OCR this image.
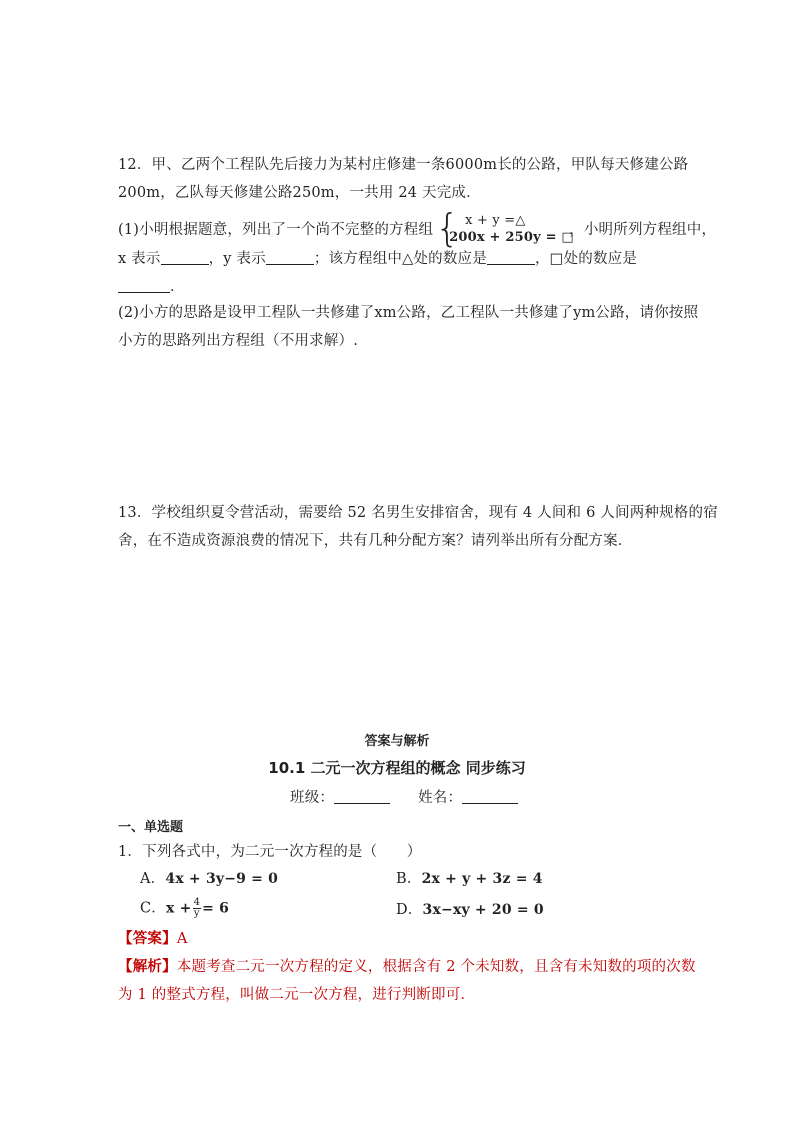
12．甲、乙两个工程队先后接力为某村庄修建一条6000m长的公路，甲队每天修建公路
200m，乙队每天修建公路250m，一共用 24 天完成．
(1)小明根据题意，列出了一个尚不完整的方程组 { x + y =△
200x + 250y = □
，小明所列方程组中，
x 表示	，y 表示	；该方程组中△处的数应是	，□处的数应是
．
(2)小方的思路是设甲工程队一共修建了xm公路，乙工程队一共修建了ym公路，请你按照
小方的思路列出方程组（不用求解）.
13．学校组织夏令营活动，需要给 52 名男生安排宿舍，现有 4 人间和 6 人间两种规格的宿
舍，在不造成资源浪费的情况下，共有几种分配方案？请列举出所有分配方案．
答案与解析
10.1 二元一次方程组的概念 同步练习
班级：	姓名：
一、单选题
1．下列各式中，为二元一次方程的是（　　）
A．4x + 3y−9 = 0	B．2x + y + 3z = 4
C．$x + \frac{4}{y} = 6$	D．3x−xy + 20 = 0
【答案】A
【解析】本题考查二元一次方程的定义，根据含有 2 个未知数，且含有未知数的项的次数
为 1 的整式方程，叫做二元一次方程，进行判断即可．
